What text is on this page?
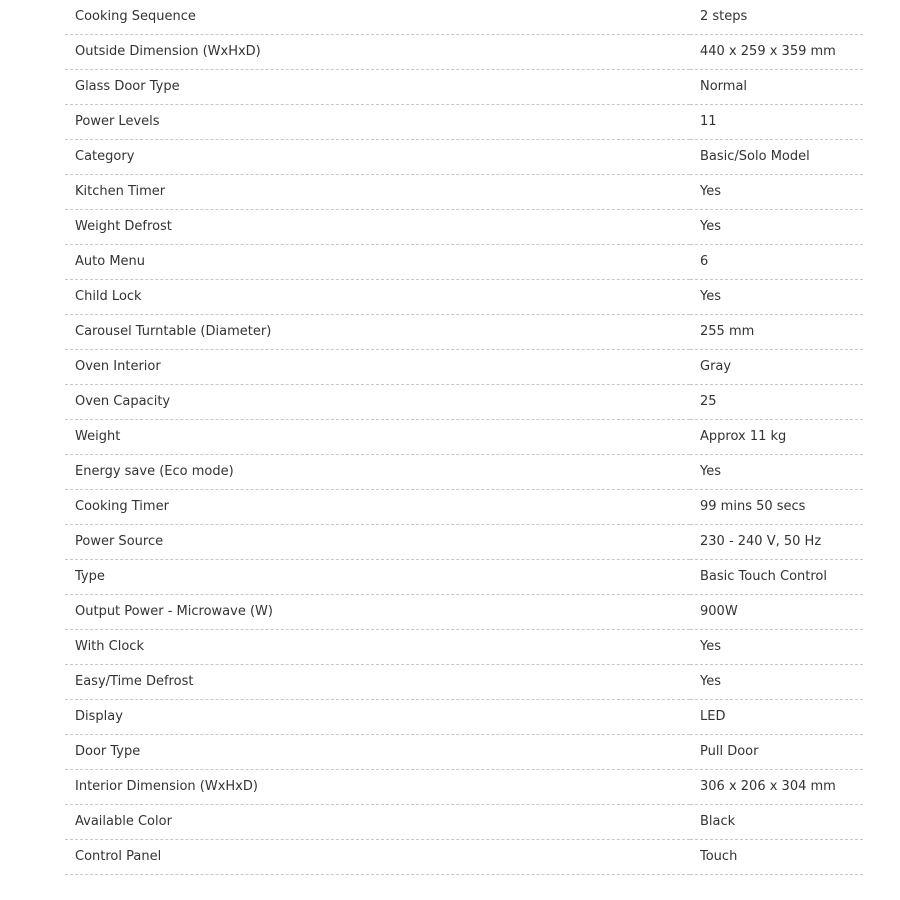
Cooking Sequence	2 steps
Outside Dimension (WxHxD)	440 x 259 x 359 mm
Glass Door Type	Normal
Power Levels	11
Category	Basic/Solo Model
Kitchen Timer	Yes
Weight Defrost	Yes
Auto Menu	6
Child Lock	Yes
Carousel Turntable (Diameter)	255 mm
Oven Interior	Gray
Oven Capacity	25
Weight	Approx 11 kg
Energy save (Eco mode)	Yes
Cooking Timer	99 mins 50 secs
Power Source	230 - 240 V, 50 Hz
Type	Basic Touch Control
Output Power - Microwave (W)	900W
With Clock	Yes
Easy/Time Defrost	Yes
Display	LED
Door Type	Pull Door
Interior Dimension (WxHxD)	306 x 206 x 304 mm
Available Color	Black
Control Panel	Touch
